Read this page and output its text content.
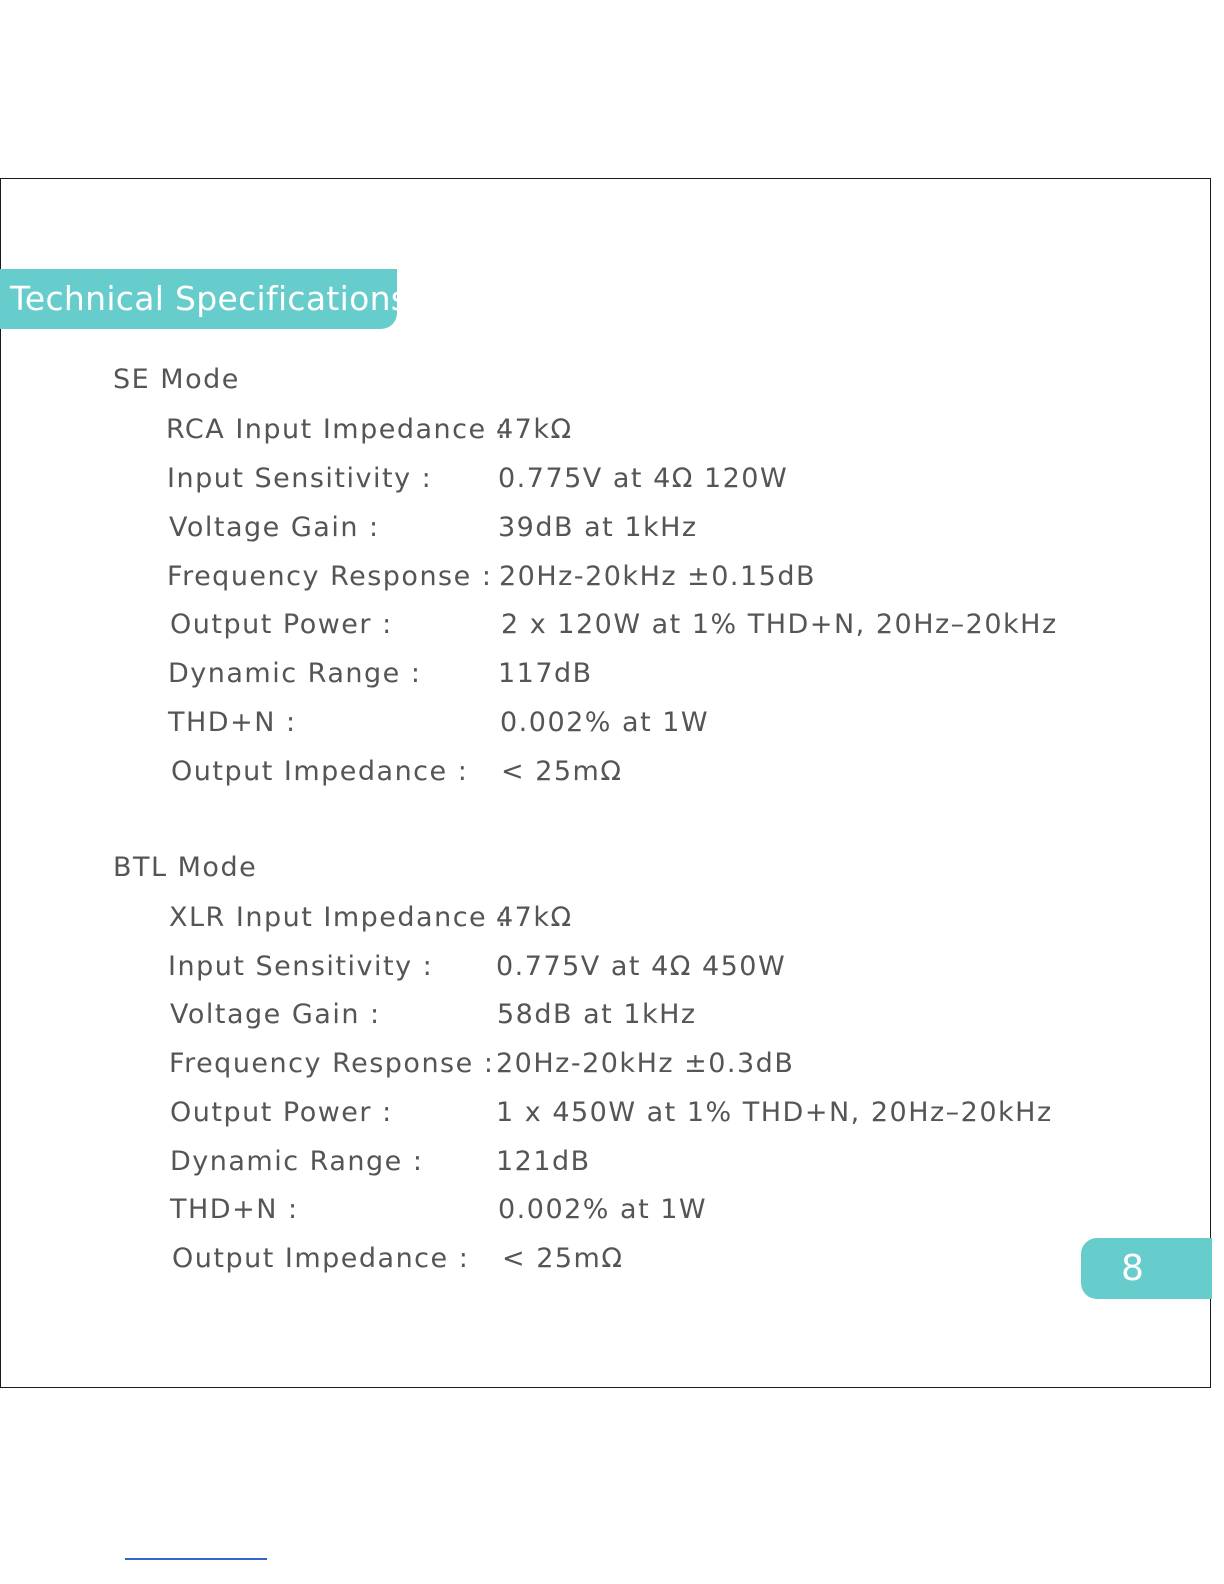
Technical Specifications
SE Mode
RCA Input Impedance :
47kΩ
Input Sensitivity : 0.775V at 4Ω 120W
Voltage Gain :	39dB at 1kHz
Frequency Response : 20Hz-20kHz ±0.15dB
Output Power :	2 x 120W at 1% THD+N, 20Hz–20kHz
Dynamic Range :	117dB
THD+N :	0.002% at 1W
Output Impedance : < 25mΩ
BTL Mode
XLR Input Impedance :
47kΩ
Input Sensitivity : 0.775V at 4Ω 450W
Voltage Gain :	58dB at 1kHz
Frequency Response : 20Hz-20kHz ±0.3dB
Output Power :	1 x 450W at 1% THD+N, 20Hz–20kHz
Dynamic Range :	121dB
THD+N :	0.002% at 1W
Output Impedance : < 25mΩ	8
